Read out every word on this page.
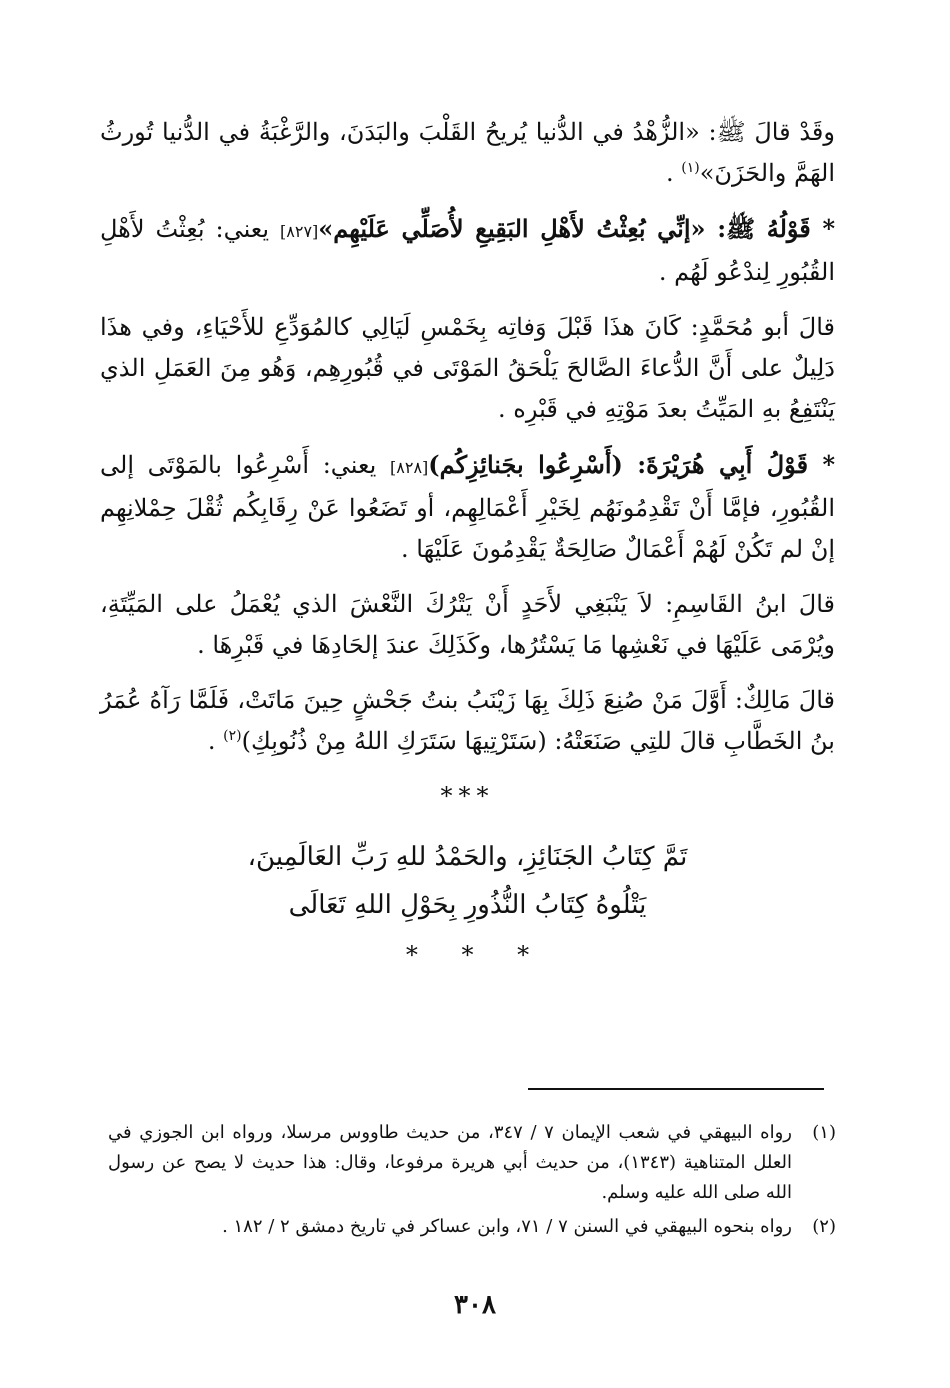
وقَدْ قالَ ﷺ: «الزُّهْدُ في الدُّنيا يُريحُ القَلْبَ والبَدَنَ، والرَّغْبَةُ في الدُّنيا تُورثُ الهَمَّ والحَزَنَ»$^{(١)}$ .

* قَوْلُهُ ﷺ: «إنِّي بُعِثْتُ لأَهْلِ البَقِيعِ لأُصَلِّي عَلَيْهِم»[٨٢٧] يعني: بُعِثْتُ لأَهْلِ القُبُورِ لِندْعُو لَهُم .

قالَ أبو مُحَمَّدٍ: كَانَ هذَا قَبْلَ وَفاتِه بِخَمْسِ لَيَالِي كالمُوَدِّعِ للأَحْيَاءِ، وفي هذَا دَلِيلٌ على أَنَّ الدُّعاءَ الصَّالحَ يَلْحَقُ المَوْتَى في قُبُورِهِم، وَهُو مِنَ العَمَلِ الذي يَنْتَفِعُ بهِ المَيِّتُ بعدَ مَوْتِهِ في قَبْرِه .

* قَوْلُ أَبِي هُرَيْرَةَ: (أَسْرِعُوا بجَنائِزِكُم)[٨٢٨] يعني: أَسْرِعُوا بالمَوْتَى إلى القُبُورِ، فإمَّا أَنْ تَقْدِمُونَهُم لِخَيْرِ أَعْمَالِهِم، أو تَضَعُوا عَنْ رِقَابِكُم ثُقْلَ حِمْلانِهِم إنْ لم تَكُنْ لَهُمْ أَعْمَالٌ صَالِحَةٌ يَقْدِمُونَ عَلَيْهَا .

قالَ ابنُ القَاسِمِ: لاَ يَنْبَغِي لأَحَدٍ أَنْ يَتْرُكَ النَّعْشَ الذي يُعْمَلُ على المَيِّتَةِ، ويُرْمَى عَلَيْهَا في نَعْشِها مَا يَسْتُرُها، وكَذَلِكَ عندَ إلحَادِهَا في قَبْرِهَا .

قالَ مَالِكٌ: أَوَّلَ مَنْ صُنِعَ ذَلِكَ بِهَا زَيْنَبُ بنتُ جَحْشٍ حِينَ مَاتَتْ، فَلَمَّا رَآهُ عُمَرُ بنُ الخَطَّابِ قالَ للتِي صَنَعَتْهُ: (سَتَرْتِيهَا سَتَرَكِ اللهُ مِنْ ذُنُوبِكِ)$^{(٢)}$ .

***

تَمَّ كِتَابُ الجَنَائِزِ، والحَمْدُ للهِ رَبِّ العَالَمِينَ،

يَتْلُوهُ كِتَابُ النُّذُورِ بِحَوْلِ اللهِ تَعَالَى

* * *
(١)
رواه البيهقي في شعب الإيمان ٧ / ٣٤٧، من حديث طاووس مرسلا، ورواه ابن الجوزي في العلل المتناهية (١٣٤٣)، من حديث أبي هريرة مرفوعا، وقال: هذا حديث لا يصح عن رسول الله صلى الله عليه وسلم.
(٢)
رواه بنحوه البيهقي في السنن ٧ / ٧١، وابن عساكر في تاريخ دمشق ٢ / ١٨٢ .
٣٠٨
